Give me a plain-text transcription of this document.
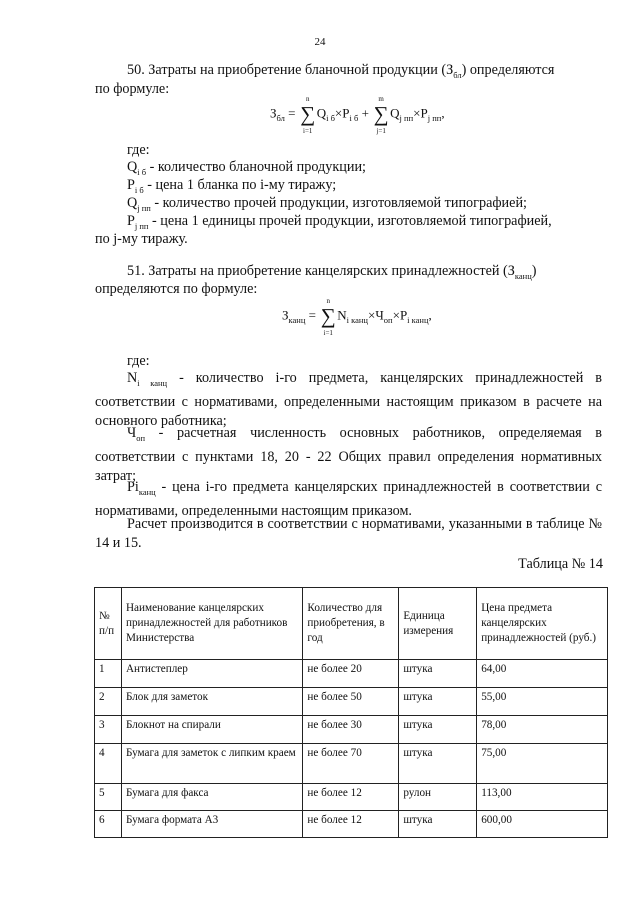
24
50. Затраты на приобретение бланочной продукции $(З_{бл})$ определяются
по формуле:
$З_{бл}$ =
n
∑
i=1
$Q_{i б}\times P_{i б}$ +
m
∑
j=1
$Q_{j пп}\times P_{j пп}$,
где:
$Q_{i б}$ - количество бланочной продукции;
$P_{i б}$ - цена 1 бланка по i-му тиражу;
$Q_{j пп}$ - количество прочей продукции, изготовляемой типографией;
$P_{j пп}$ - цена 1 единицы прочей продукции, изготовляемой типографией,
по j-му тиражу.
51. Затраты на приобретение канцелярских принадлежностей $(З_{канц})$
определяются по формуле:
$З_{канц}$ =
n
∑
i=1
$N_{i канц}\times Ч_{оп}\times P_{i канц}$,
где:
$N_{i канц}$ - количество i-го предмета, канцелярских принадлежностей в соответствии с нормативами, определенными настоящим приказом в расчете на основного работника;
$Ч_{оп}$ - расчетная численность основных работников, определяемая в соответствии с пунктами 18, 20 - 22 Общих правил определения нормативных затрат;
$Pi_{канц}$ - цена i-го предмета канцелярских принадлежностей в соответствии с нормативами, определенными настоящим приказом.
Расчет производится в соответствии с нормативами, указанными в таблице № 14 и 15.
Таблица № 14
№ п/п	Наименование канцелярских принадлежностей для работников Министерства	Количество для приобретения, в год	Единица измерения	Цена предмета канцелярских принадлежностей (руб.)
1	Антистеплер	не более 20	штука	64,00
2	Блок для заметок	не более 50	штука	55,00
3	Блокнот на спирали	не более 30	штука	78,00
4	Бумага для заметок с липким краем	не более 70	штука	75,00
5	Бумага для факса	не более 12	рулон	113,00
6	Бумага формата А3	не более 12	штука	600,00
